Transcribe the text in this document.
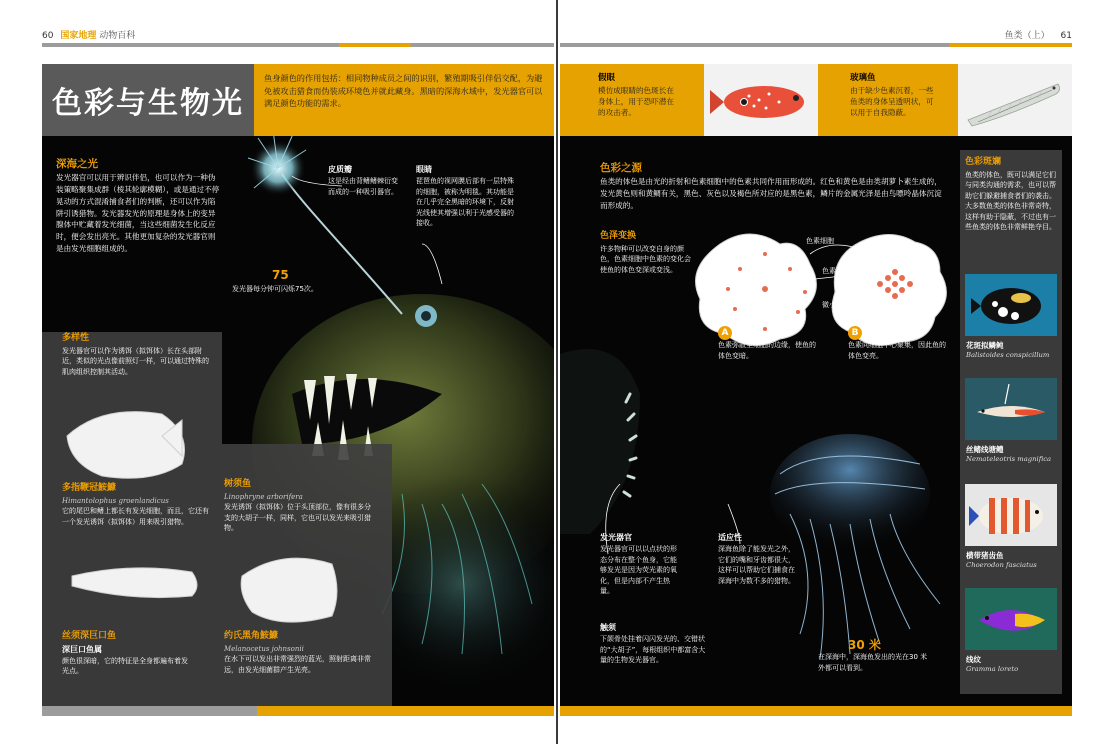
60 国家地理 动物百科	鱼类（上） 61
深海之光
发光器官可以用于辨识伴侣，也可以作为一种伪装策略聚集成群（棱其轮廓模糊），或是通过不停晃动的方式混淆捕食者们的判断，还可以作为陷阱引诱猎物。发光器发光的原理是身体上的变异腺体中贮藏着发光细菌，当这些细菌发生化反应时，便会发出亮光。其他更加复杂的发光器官则是由发光细胞组成的。
皮质瓣
这是经由背鳍鳍棘衍变而成的一种吸引器官。
眼睛
琵琶鱼的视网膜后部有一层特殊的细胞，被称为明毯。其功能是在几乎完全黑暗的环境下，反射光线使其增强以利于光感受器的接收。
75
发光器每分钟可闪烁75次。
多样性
发光器官可以作为诱饵（拟饵体）长在头部附近，类似的光点像前照灯一样，可以通过特殊的肌肉组织控制其活动。
多指鞭冠鮟鱇
Himantolophus groenlandicus
它的尾巴和鳍上都长有发光细胞，而且，它还有一个发光诱饵（拟饵体）用来吸引猎物。
树须鱼
Linophryne arborifera
发光诱饵（拟饵体）位于头顶部位，像有很多分支的大胡子一样，同样，它也可以发光来吸引猎物。
丝须深巨口鱼
深巨口鱼属
颜色很深暗，它的特征是全身都遍布着发光点。
约氏黑角鮟鱇
Melanocetus johnsonii
在水下可以发出非常强烈的蓝光，照射距离非常远，由发光细菌群产生光亮。
色彩之源
鱼类的体色是由光的折射和色素细胞中的色素共同作用而形成的。红色和黄色是由类胡萝卜素生成的，发光黄色则和黄鲷有关，黑色、灰色以及褐色所对应的是黑色素，鳞片的金属光泽是由鸟嘌呤晶体沉淀而形成的。
色泽变换
许多物种可以改变自身的颜色，色素细胞中色素的变化会使鱼的体色变深或变浅。
色素细胞
色素
微小管
A 色散
色素弥散至细胞的边缘，使鱼的体色变暗。
B 色聚
色素向细胞中心聚集，因此鱼的体色变亮。
发光器官
发光器官可以以点状的形态分布在整个鱼身，它能够发光是因为荧光素的氧化，但是内部不产生热量。
适应性
深海鱼除了能发光之外，它们的嘴和牙齿都很大，这样可以帮助它们捕食在深海中为数不多的猎物。
触须
下颌骨处挂着闪闪发光的、交错状的“大胡子”，每根组织中都富含大量的生物发光器官。
30 米
在深海中，深海鱼发出的光在30 米外都可以看到。
色彩与生物光
鱼身颜色的作用包括：相同物种成员之间的识别，繁殖期吸引伴侣交配，为避免被攻击猎食而伪装成环境色并就此藏身。黑暗的深海水域中，发光器官可以满足颜色功能的需求。
假眼
模仿成眼睛的色斑长在身体上，用于恐吓潜在的攻击者。
玻璃鱼
由于缺少色素沉着，一些鱼类的身体呈透明状，可以用于自我隐蔽。
色彩斑斓
鱼类的体色，既可以满足它们与同类沟通的需求，也可以帮助它们躲避捕食者们的袭击。大多数鱼类的体色非常奇特，这样有助于隐蔽，不过也有一些鱼类的体色非常鲜艳夺目。
花斑拟鳞鲀
Balistoides conspicillum
丝鳍线塘鳢
Nemateleotris magnifica
横带猪齿鱼
Choerodon fasciatus
线纹
Gramma loreto
